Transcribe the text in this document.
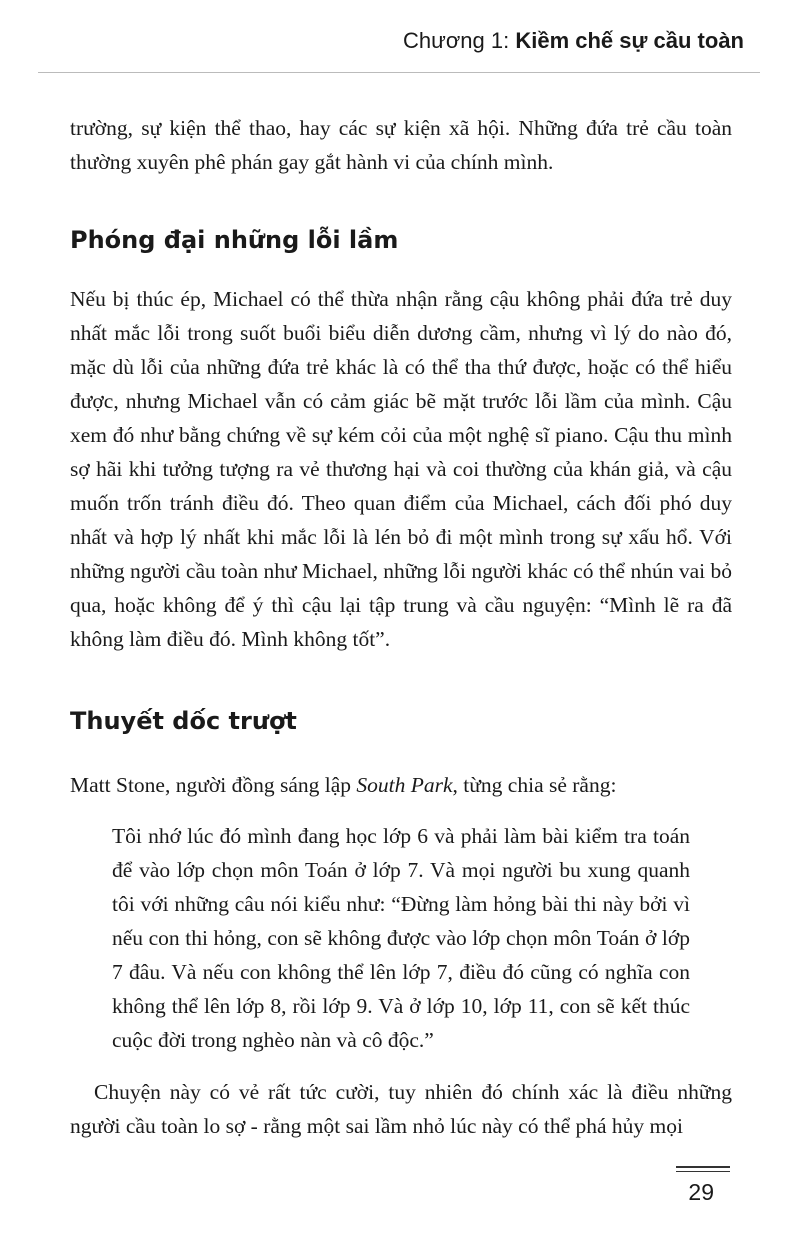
Chương 1: Kiềm chế sự cầu toàn

trường, sự kiện thể thao, hay các sự kiện xã hội. Những đứa trẻ cầu toàn thường xuyên phê phán gay gắt hành vi của chính mình.

Phóng đại những lỗi lầm

Nếu bị thúc ép, Michael có thể thừa nhận rằng cậu không phải đứa trẻ duy nhất mắc lỗi trong suốt buổi biểu diễn dương cầm, nhưng vì lý do nào đó, mặc dù lỗi của những đứa trẻ khác là có thể tha thứ được, hoặc có thể hiểu được, nhưng Michael vẫn có cảm giác bẽ mặt trước lỗi lầm của mình. Cậu xem đó như bằng chứng về sự kém cỏi của một nghệ sĩ piano. Cậu thu mình sợ hãi khi tưởng tượng ra vẻ thương hại và coi thường của khán giả, và cậu muốn trốn tránh điều đó. Theo quan điểm của Michael, cách đối phó duy nhất và hợp lý nhất khi mắc lỗi là lén bỏ đi một mình trong sự xấu hổ. Với những người cầu toàn như Michael, những lỗi người khác có thể nhún vai bỏ qua, hoặc không để ý thì cậu lại tập trung và cầu nguyện: “Mình lẽ ra đã không làm điều đó. Mình không tốt”.

Thuyết dốc trượt

Matt Stone, người đồng sáng lập South Park, từng chia sẻ rằng:

Tôi nhớ lúc đó mình đang học lớp 6 và phải làm bài kiểm tra toán để vào lớp chọn môn Toán ở lớp 7. Và mọi người bu xung quanh tôi với những câu nói kiểu như: “Đừng làm hỏng bài thi này bởi vì nếu con thi hỏng, con sẽ không được vào lớp chọn môn Toán ở lớp 7 đâu. Và nếu con không thể lên lớp 7, điều đó cũng có nghĩa con không thể lên lớp 8, rồi lớp 9. Và ở lớp 10, lớp 11, con sẽ kết thúc cuộc đời trong nghèo nàn và cô độc.”

Chuyện này có vẻ rất tức cười, tuy nhiên đó chính xác là điều những người cầu toàn lo sợ - rằng một sai lầm nhỏ lúc này có thể phá hủy mọi

29
